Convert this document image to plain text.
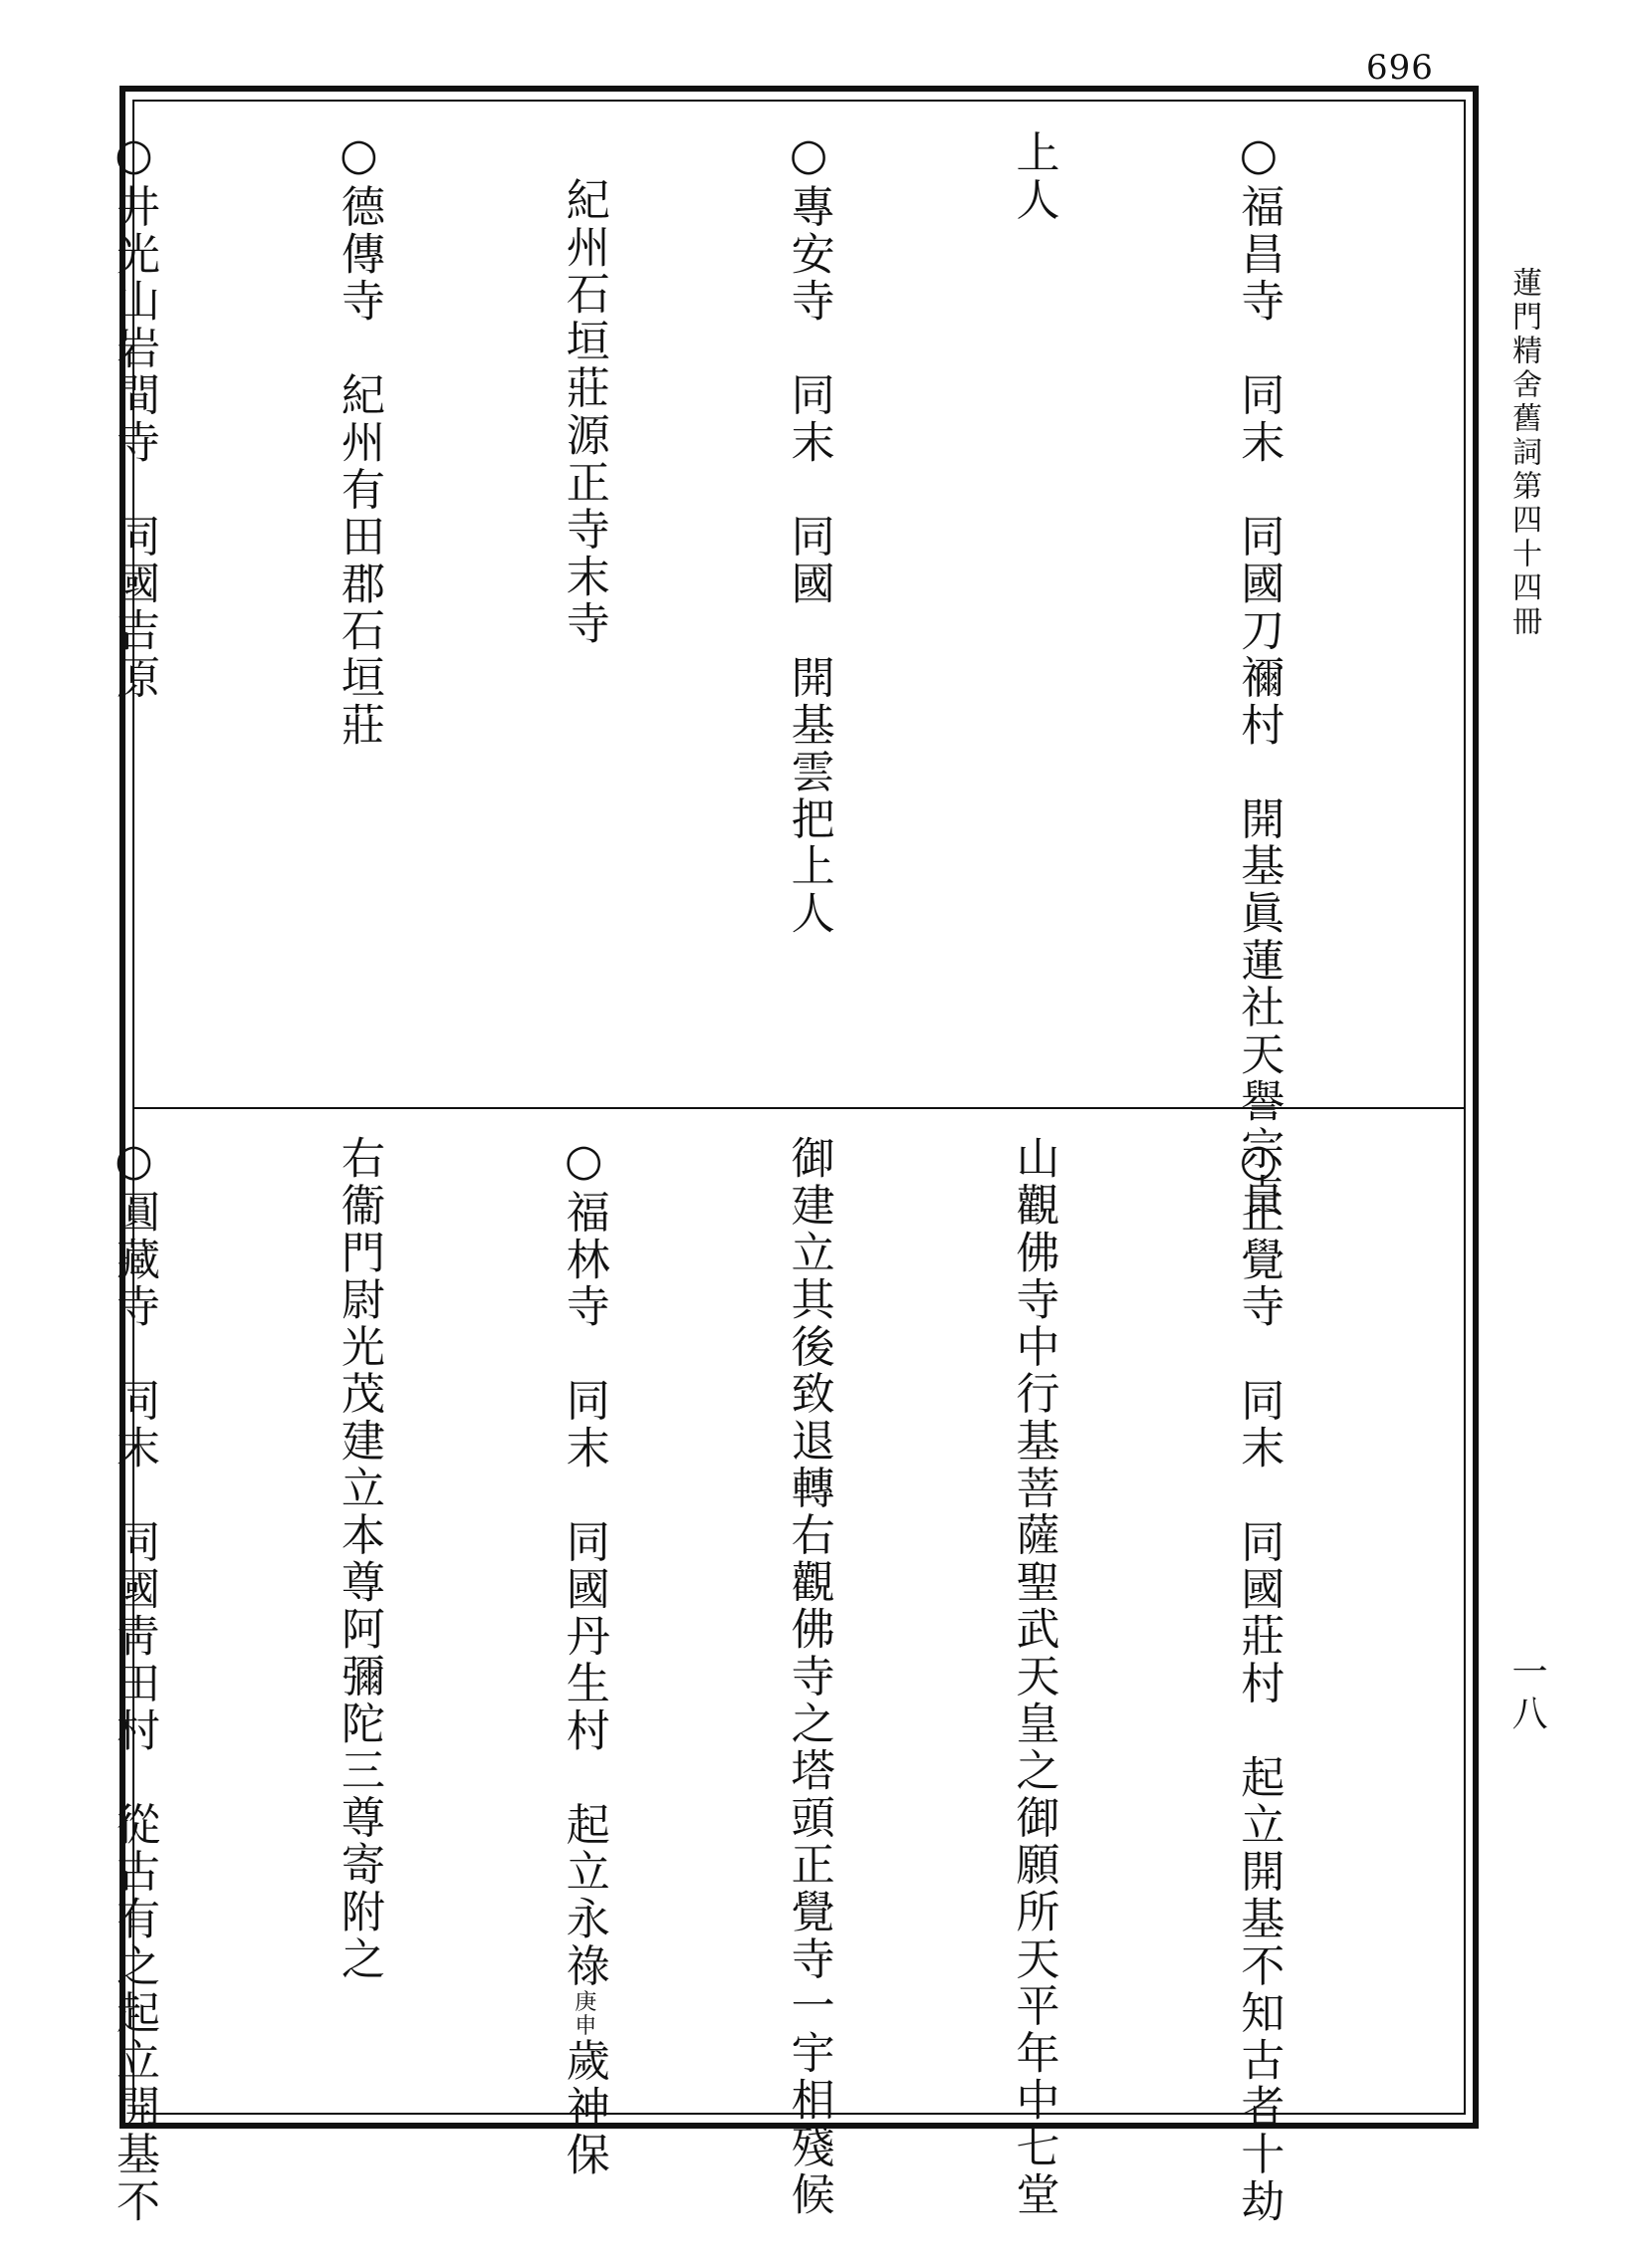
696
蓮門精舍舊詞第四十四冊
一八

○福昌寺　同末　同國刀禰村　開基眞蓮社天譽宗貞

上人

○專安寺　同末　同國　開基雲把上人

　紀州石垣莊源正寺末寺

○德傳寺　紀州有田郡石垣莊

○井光山岩間寺　同國吉原

○正覺寺　同末　同國莊村　起立開基不知古者十劫

山觀佛寺中行基菩薩聖武天皇之御願所天平年中七堂

御建立其後致退轉右觀佛寺之塔頭正覺寺一宇相殘候

○福林寺　同末　同國丹生村　起立永祿庚申歲神保

右衞門尉光茂建立本尊阿彌陀三尊寄附之

○圓藏寺　同末　同國靑田村　從古有之起立開基不
